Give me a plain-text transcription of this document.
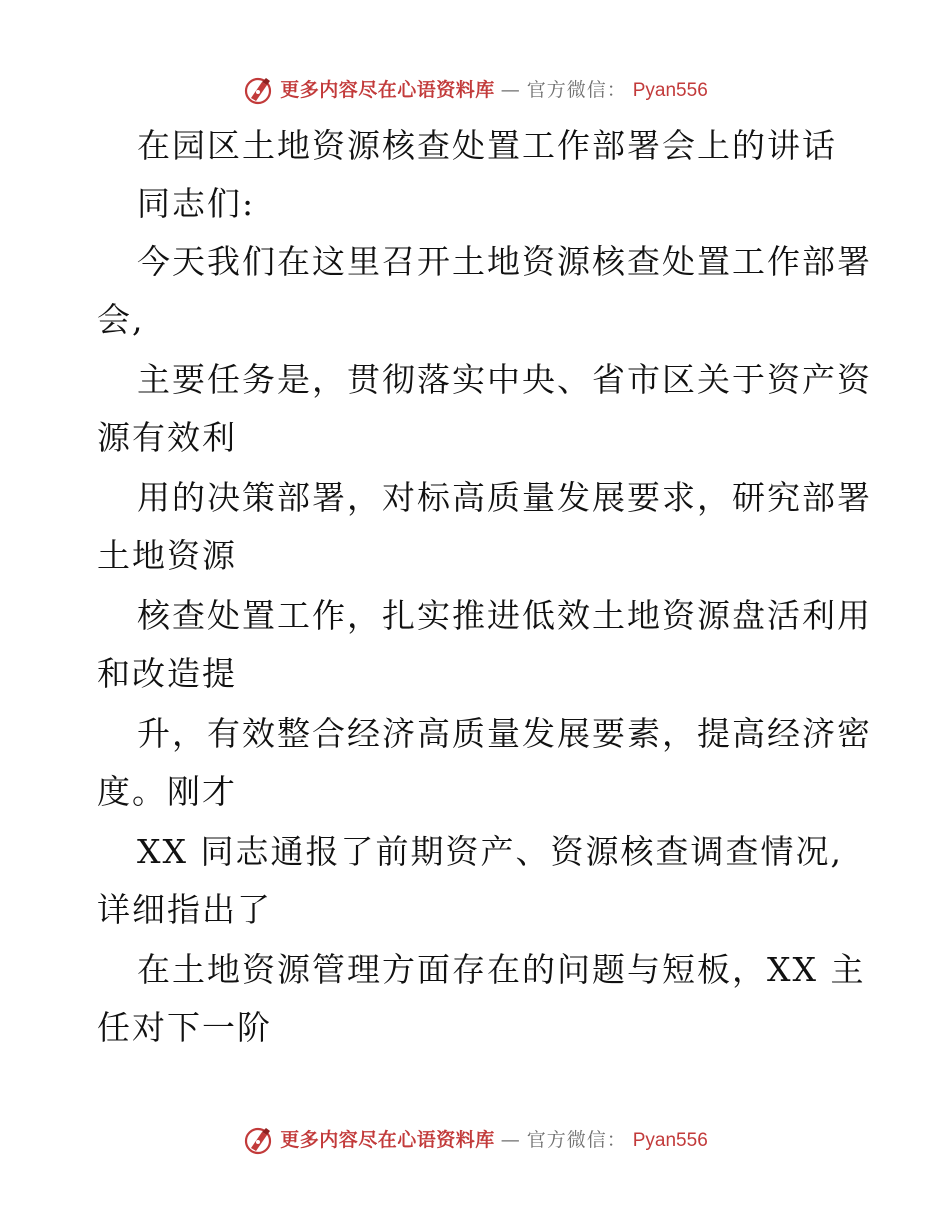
更多内容尽在心语资料库 — 官方微信： Pyan556
在园区土地资源核查处置工作部署会上的讲话
同志们:
今天我们在这里召开土地资源核查处置工作部署
会,
主要任务是，贯彻落实中央、省市区关于资产资
源有效利
用的决策部署，对标高质量发展要求，研究部署
土地资源
核查处置工作，扎实推进低效土地资源盘活利用
和改造提
升，有效整合经济高质量发展要素，提高经济密
度。刚才
XX 同志通报了前期资产、资源核查调查情况,
详细指出了
在土地资源管理方面存在的问题与短板，XX 主
任对下一阶
更多内容尽在心语资料库 — 官方微信： Pyan556
